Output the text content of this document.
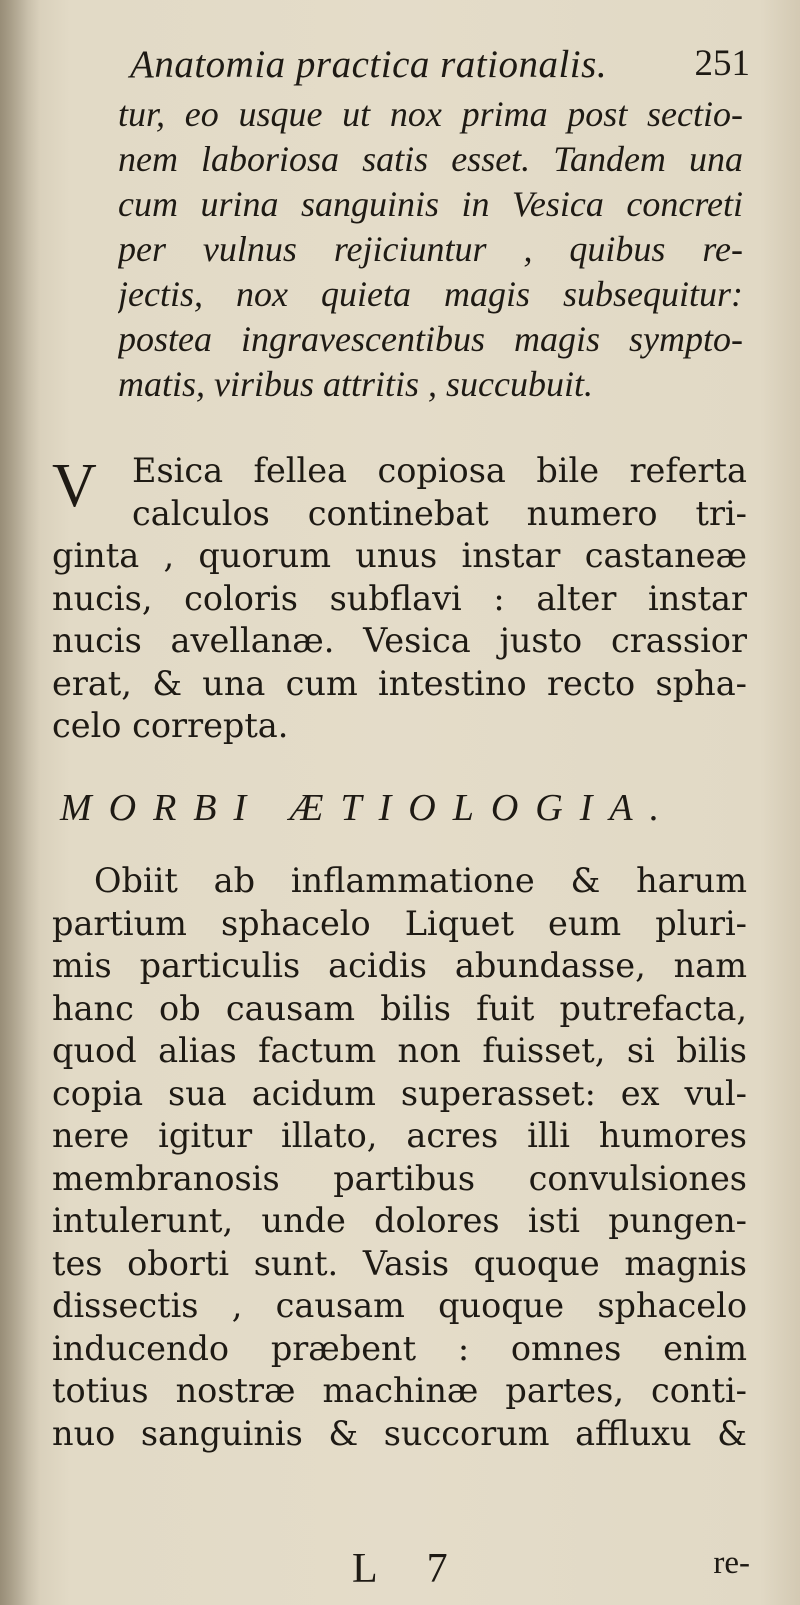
Anatomia practica rationalis. 251
tur, eo usque ut nox prima post sectio-
nem laboriosa satis esset. Tandem una
cum urina sanguinis in Vesica concreti
per vulnus rejiciuntur , quibus re-
jectis, nox quieta magis subsequitur:
postea ingravescentibus magis sympto-
matis, viribus attritis , succubuit.
V Esica fellea copiosa bile referta
calculos continebat numero tri-
ginta , quorum unus instar castaneæ
nucis, coloris subflavi : alter instar
nucis avellanæ. Vesica justo crassior
erat, & una cum intestino recto spha-
celo correpta.
MORBI ÆTIOLOGIA.
Obiit ab inflammatione & harum
partium sphacelo Liquet eum pluri-
mis particulis acidis abundasse, nam
hanc ob causam bilis fuit putrefacta,
quod alias factum non fuisset, si bilis
copia sua acidum superasset: ex vul-
nere igitur illato, acres illi humores
membranosis partibus convulsiones
intulerunt, unde dolores isti pungen-
tes oborti sunt. Vasis quoque magnis
dissectis , causam quoque sphacelo
inducendo præbent : omnes enim
totius nostræ machinæ partes, conti-
nuo sanguinis & succorum affluxu &
L 7	re-
